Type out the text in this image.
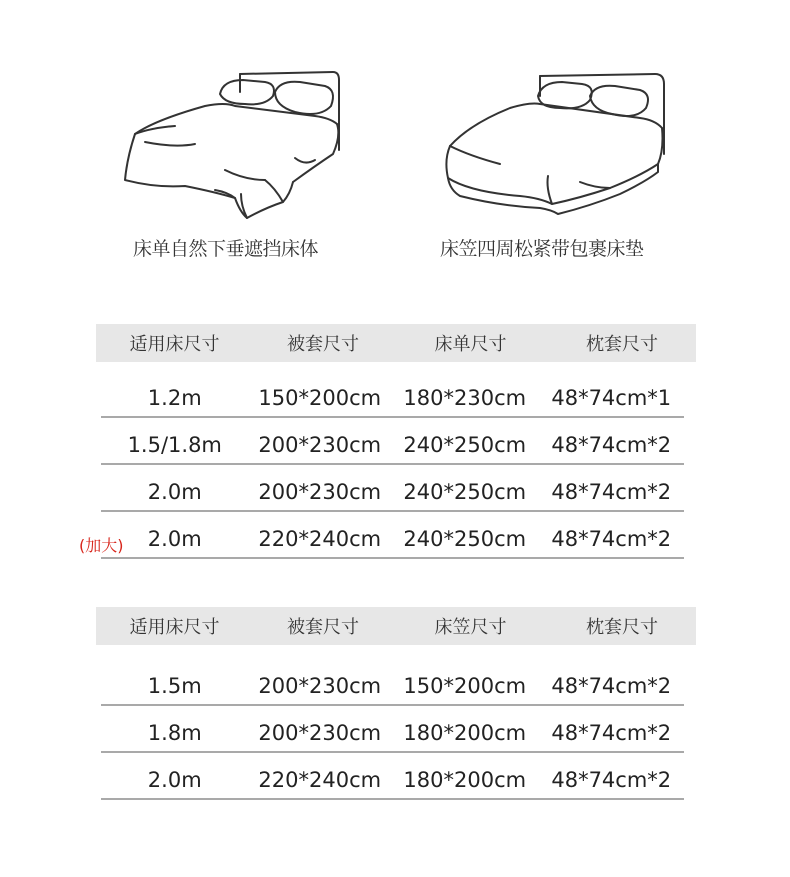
床单自然下垂遮挡床体	床笠四周松紧带包裹床垫
适用床尺寸	被套尺寸	床单尺寸	枕套尺寸
1.2m	150*200cm	180*230cm	48*74cm*1
1.5/1.8m	200*230cm	240*250cm	48*74cm*2
2.0m	200*230cm	240*250cm	48*74cm*2
2.0m	220*240cm	240*250cm	48*74cm*2
(加大)
适用床尺寸	被套尺寸	床笠尺寸	枕套尺寸
1.5m	200*230cm	150*200cm	48*74cm*2
1.8m	200*230cm	180*200cm	48*74cm*2
2.0m	220*240cm	180*200cm	48*74cm*2
